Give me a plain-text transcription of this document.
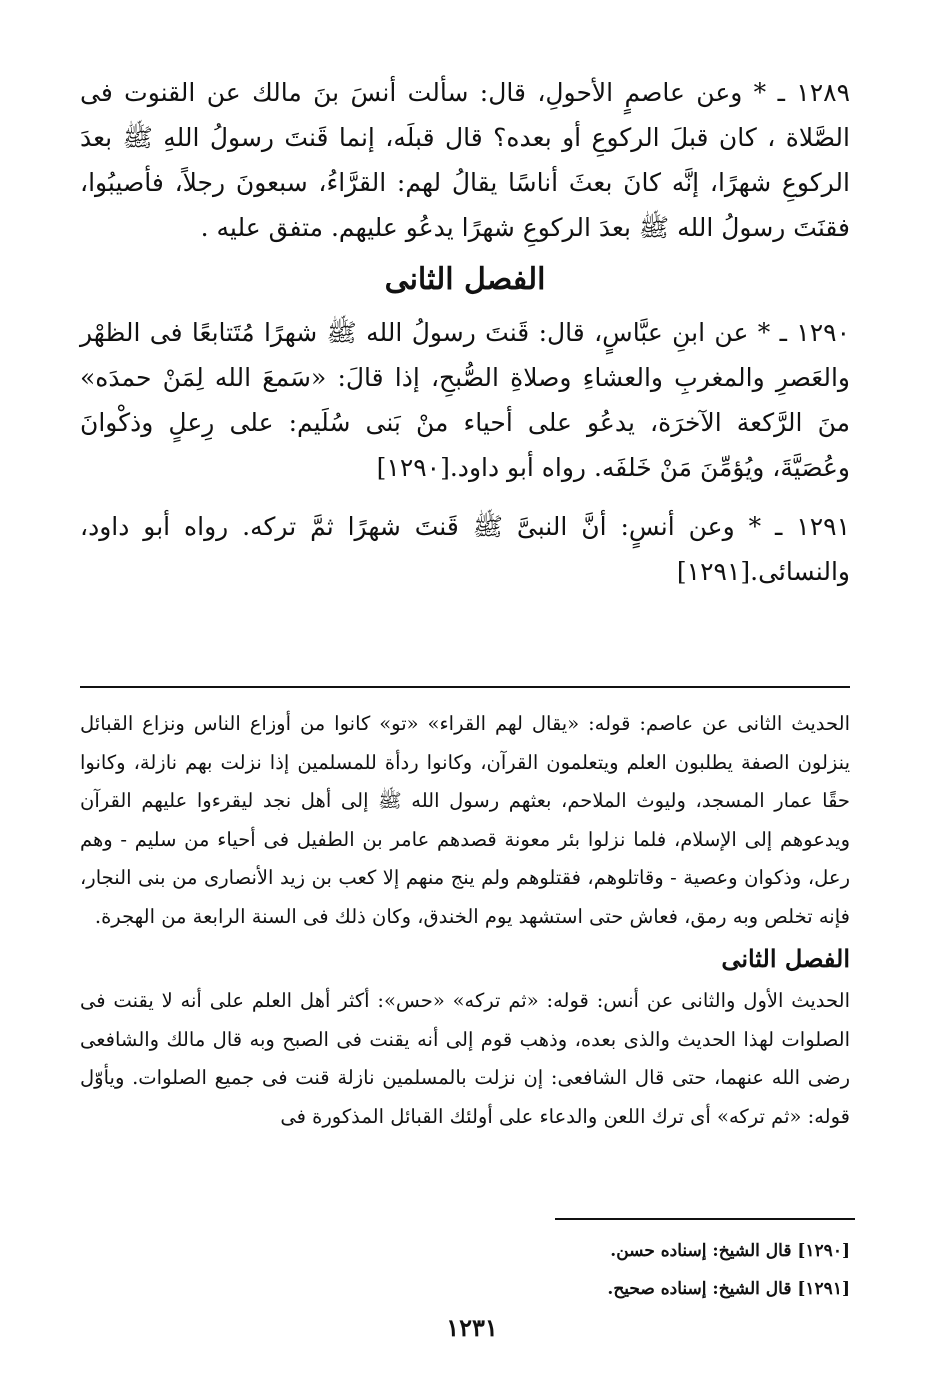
١٢٨٩ ـ * وعن عاصمٍ الأحولِ، قال: سألت أنسَ بنَ مالك عن القنوت فى الصَّلاة ، كان قبلَ الركوعِ أو بعده؟ قال قبلَه، إنما قَنتَ رسولُ اللهِ ﷺ بعدَ الركوعِ شهرًا، إنَّه كانَ بعثَ أناسًا يقالُ لهم: القرَّاءُ، سبعونَ رجلاً، فأصيبُوا، فقنَتَ رسولُ الله ﷺ بعدَ الركوعِ شهرًا يدعُو عليهم. متفق عليه .

الفصل الثانى

١٢٩٠ ـ * عن ابنِ عبَّاسٍ، قال: قَنتَ رسولُ الله ﷺ شهرًا مُتَتابعًا فى الظهْر والعَصرِ والمغربِ والعشاءِ وصلاةِ الصُّبحِ، إذا قالَ: «سَمعَ الله لِمَنْ حمدَه» منَ الرَّكعة الآخرَة، يدعُو على أحياء منْ بَنى سُلَيم: على رِعلٍ وذكْوانَ وعُصَيَّةَ، ويُؤمِّنَ مَنْ خَلفَه. رواه أبو داود.[١٢٩٠]

١٢٩١ ـ * وعن أنسٍ: أنَّ النبىَّ ﷺ قَنتَ شهرًا ثمَّ تركه. رواه أبو داود، والنسائى.[١٢٩١]

الحديث الثانى عن عاصم: قوله: «يقال لهم القراء» «تو» كانوا من أوزاع الناس ونزاع القبائل ينزلون الصفة يطلبون العلم ويتعلمون القرآن، وكانوا ردأة للمسلمين إذا نزلت بهم نازلة، وكانوا حقًا عمار المسجد، وليوث الملاحم، بعثهم رسول الله ﷺ إلى أهل نجد ليقرءوا عليهم القرآن ويدعوهم إلى الإسلام، فلما نزلوا بئر معونة قصدهم عامر بن الطفيل فى أحياء من سليم - وهم رعل، وذكوان وعصية - وقاتلوهم، فقتلوهم ولم ينج منهم إلا كعب بن زيد الأنصارى من بنى النجار، فإنه تخلص وبه رمق، فعاش حتى استشهد يوم الخندق، وكان ذلك فى السنة الرابعة من الهجرة.

الفصل الثانى

الحديث الأول والثانى عن أنس: قوله: «ثم تركه» «حس»: أكثر أهل العلم على أنه لا يقنت فى الصلوات لهذا الحديث والذى بعده، وذهب قوم إلى أنه يقنت فى الصبح وبه قال مالك والشافعى رضى الله عنهما، حتى قال الشافعى: إن نزلت بالمسلمين نازلة قنت فى جميع الصلوات. ويأوّل قوله: «ثم تركه» أى ترك اللعن والدعاء على أولئك القبائل المذكورة فى

[١٢٩٠] قال الشيخ: إسناده حسن.
[١٢٩١] قال الشيخ: إسناده صحيح.
١٢٣١
